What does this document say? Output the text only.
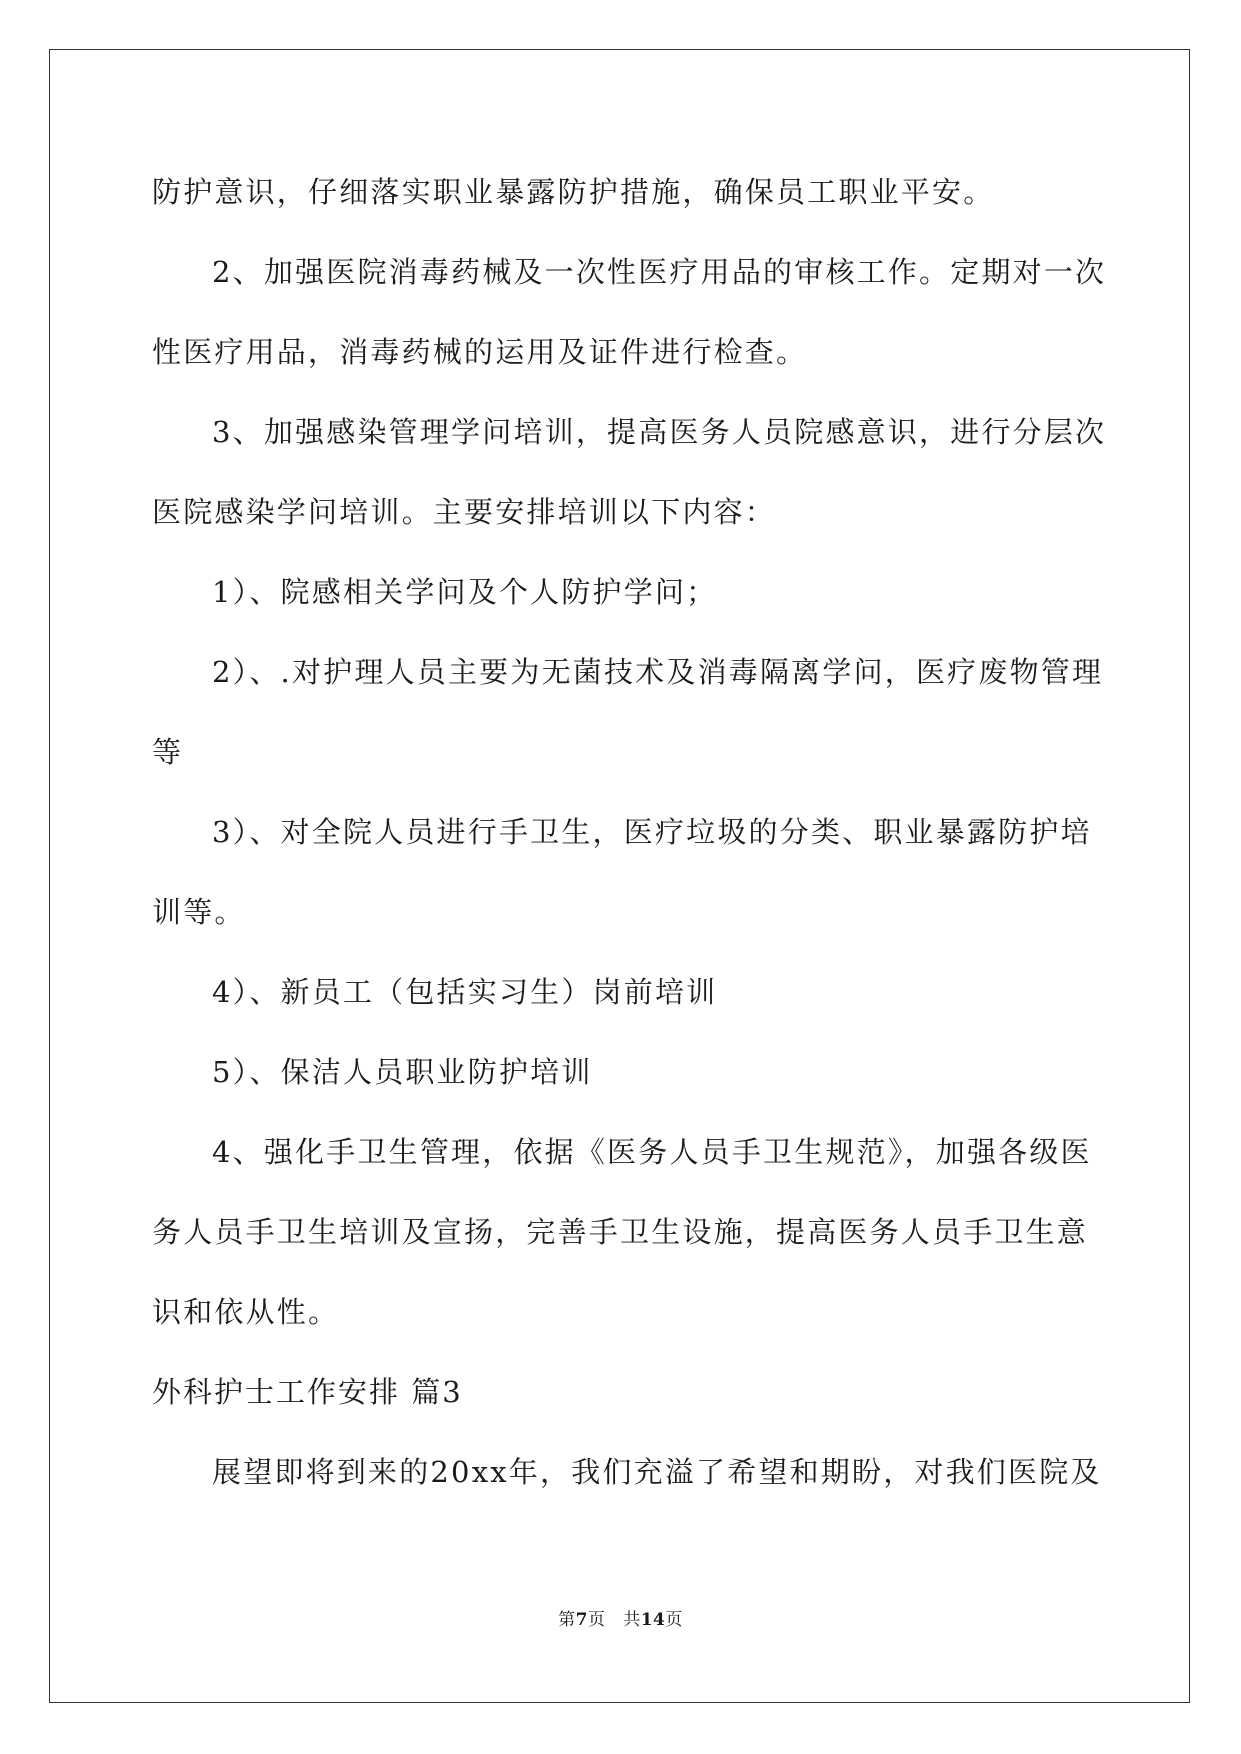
防护意识，仔细落实职业暴露防护措施，确保员工职业平安。
2、加强医院消毒药械及一次性医疗用品的审核工作。定期对一次
性医疗用品，消毒药械的运用及证件进行检查。
3、加强感染管理学问培训，提高医务人员院感意识，进行分层次
医院感染学问培训。主要安排培训以下内容：
1）、院感相关学问及个人防护学问；
2）、.对护理人员主要为无菌技术及消毒隔离学问，医疗废物管理
等
3）、对全院人员进行手卫生，医疗垃圾的分类、职业暴露防护培
训等。
4）、新员工（包括实习生）岗前培训
5）、保洁人员职业防护培训
4、强化手卫生管理，依据《医务人员手卫生规范》，加强各级医
务人员手卫生培训及宣扬，完善手卫生设施，提高医务人员手卫生意
识和依从性。
外科护士工作安排 篇3
展望即将到来的20xx年，我们充溢了希望和期盼，对我们医院及
第7页 共14页
